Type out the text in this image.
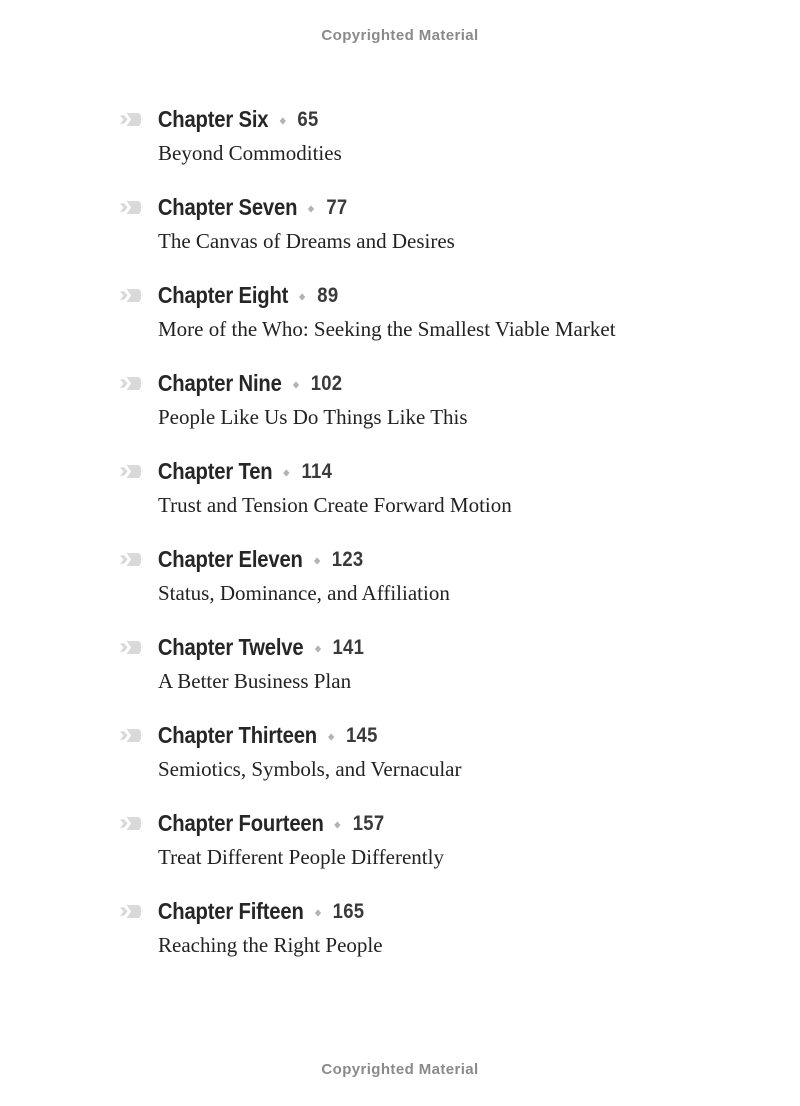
Copyrighted Material
Chapter Six 65
Beyond Commodities
Chapter Seven 77
The Canvas of Dreams and Desires
Chapter Eight 89
More of the Who: Seeking the Smallest Viable Market
Chapter Nine 102
People Like Us Do Things Like This
Chapter Ten 114
Trust and Tension Create Forward Motion
Chapter Eleven 123
Status, Dominance, and Affiliation
Chapter Twelve 141
A Better Business Plan
Chapter Thirteen 145
Semiotics, Symbols, and Vernacular
Chapter Fourteen 157
Treat Different People Differently
Chapter Fifteen 165
Reaching the Right People
Copyrighted Material
